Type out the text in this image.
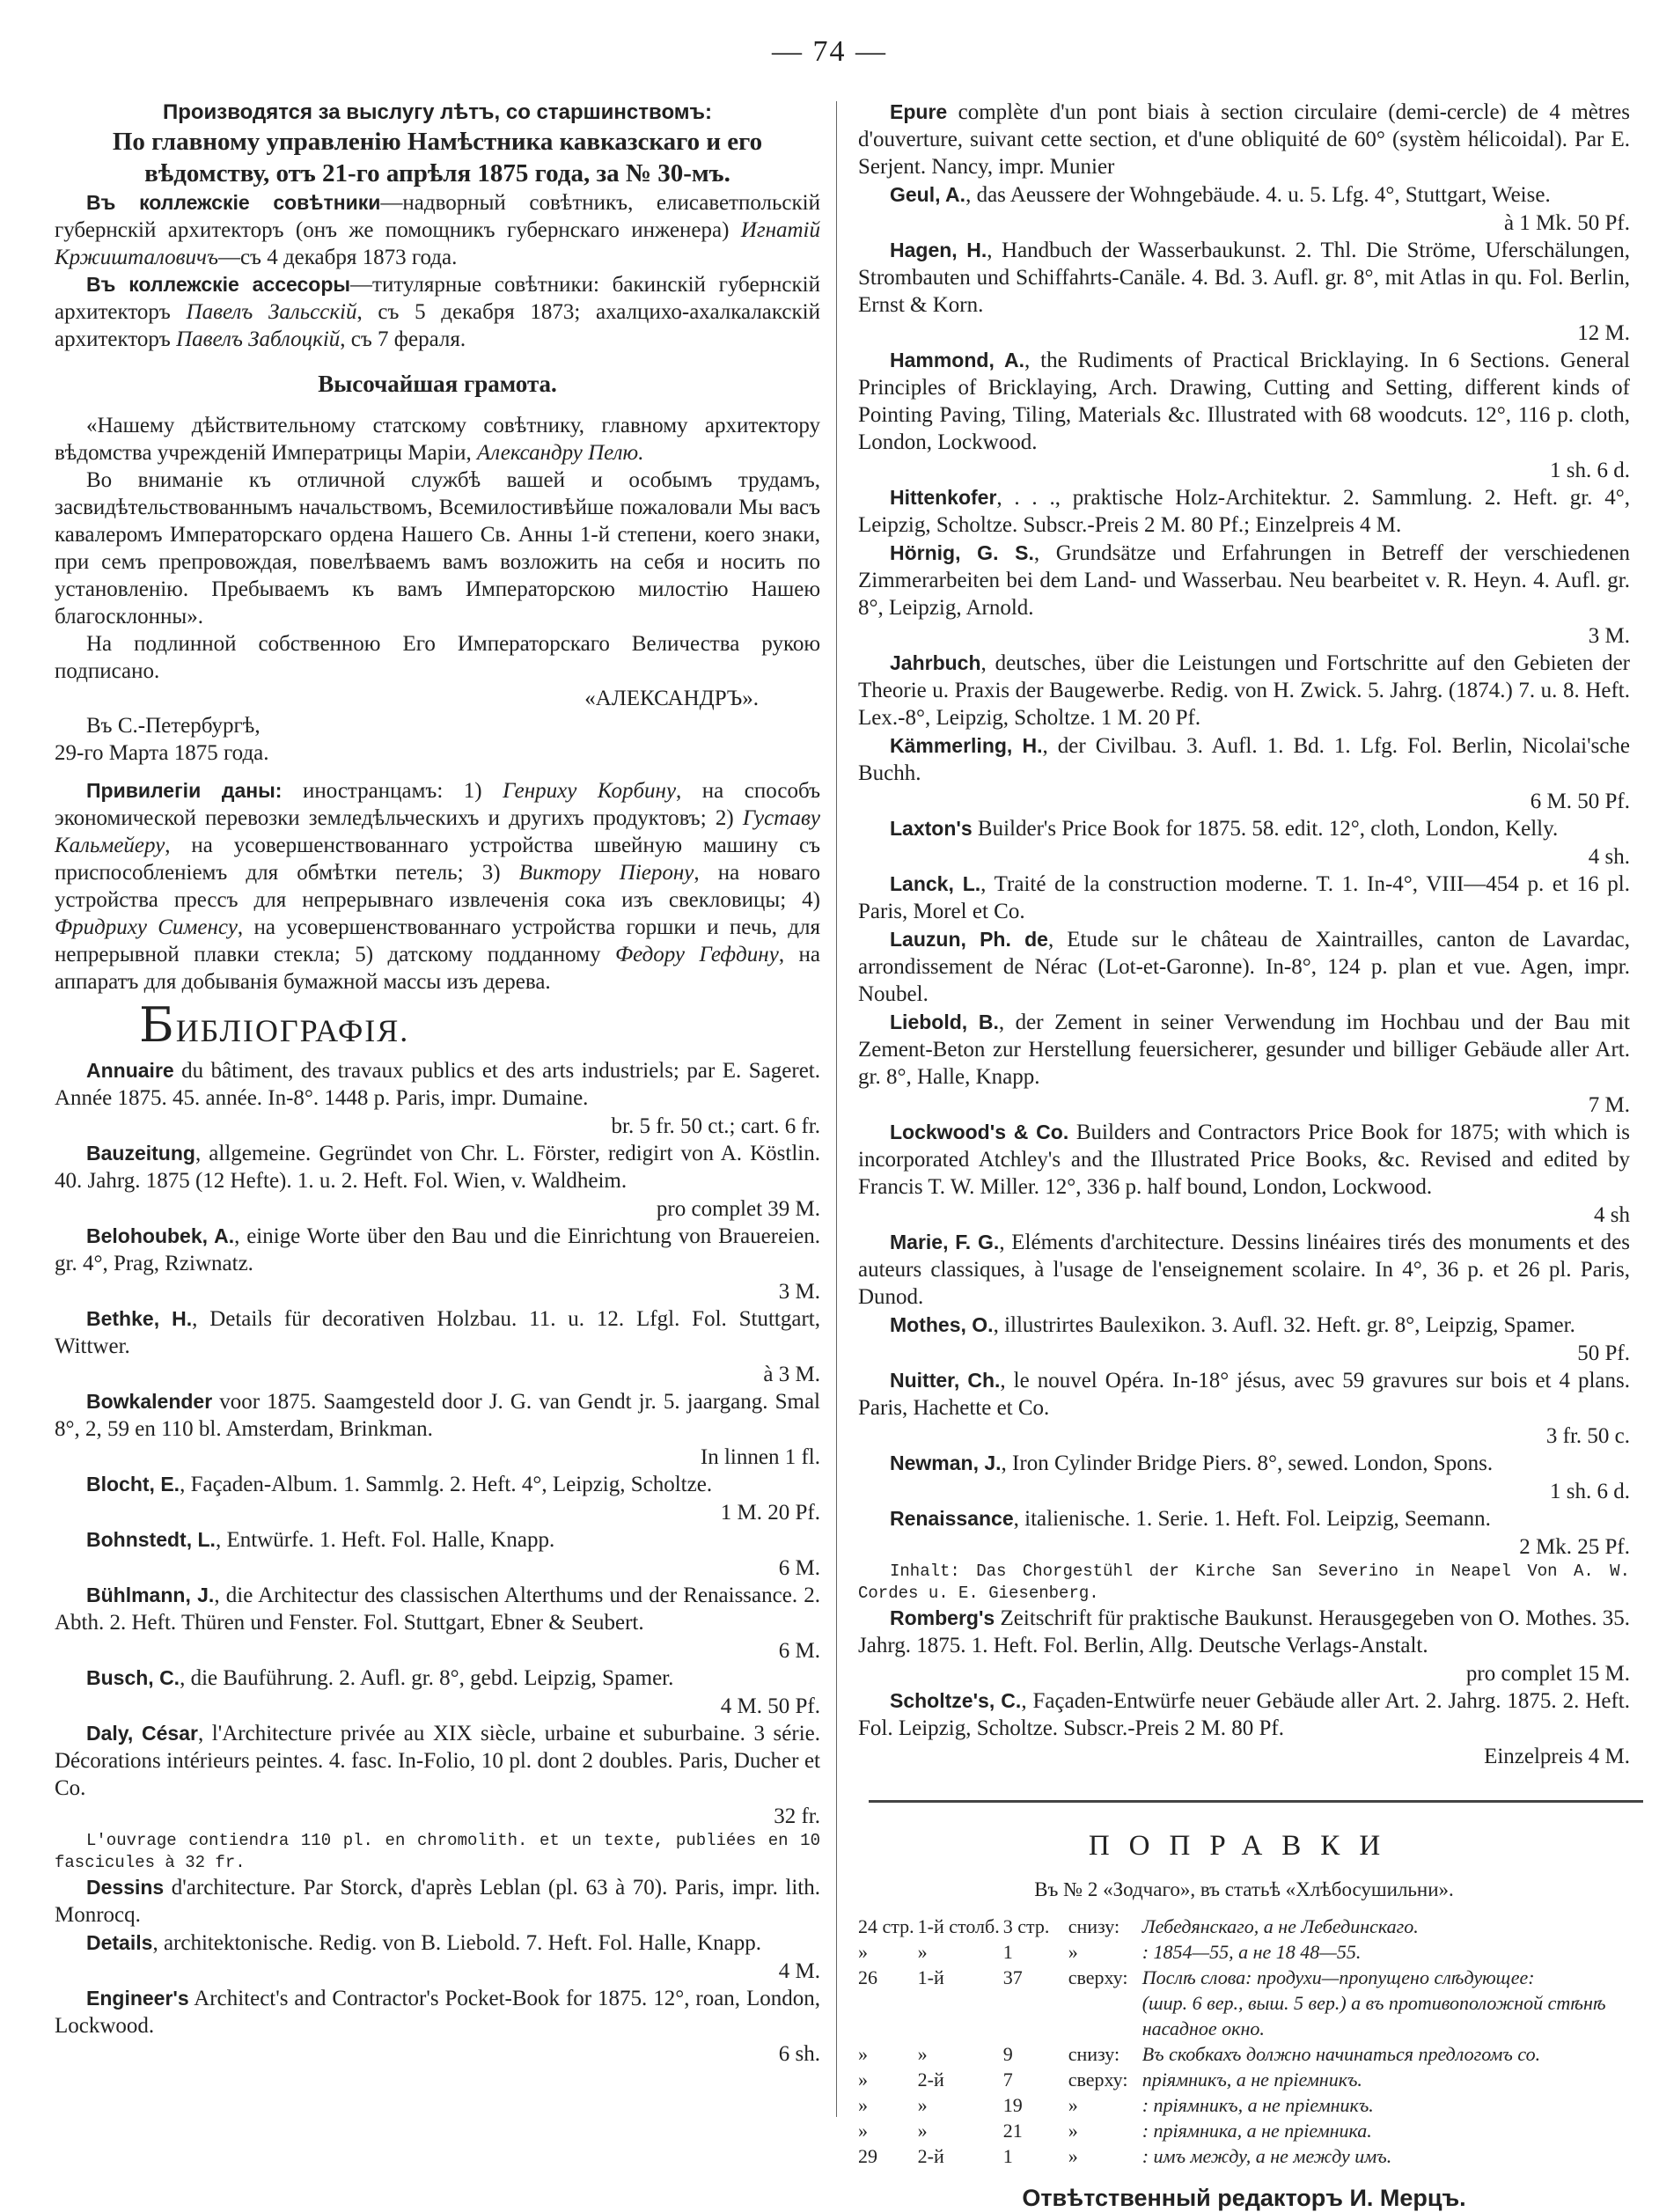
— 74 —

Производятся за выслугу лѣтъ, со старшинствомъ:

По главному управленію Намѣстника кавказскаго и его вѣдомству, отъ 21-го апрѣля 1875 года, за № 30-мъ.

Въ коллежскіе совѣтники—надворный совѣтникъ, елисаветпольскій губернскій архитекторъ (онъ же помощникъ губернскаго инженера) Игнатій Кржишталовичъ—съ 4 декабря 1873 года.

Въ коллежскіе ассесоры—титулярные совѣтники: бакинскій губернскій архитекторъ Павелъ Зальсскій, съ 5 декабря 1873; ахалцихо-ахалкалакскій архитекторъ Павелъ Заблоцкій, съ 7 фераля.

Высочайшая грамота.

«Нашему дѣйствительному статскому совѣтнику, главному архитектору вѣдомства учрежденій Императрицы Маріи, Александру Пелю.

Во вниманіе къ отличной службѣ вашей и особымъ трудамъ, засвидѣтельствованнымъ начальствомъ, Всемилостивѣйше пожаловали Мы васъ кавалеромъ Императорскаго ордена Нашего Св. Анны 1-й степени, коего знаки, при семъ препровождая, повелѣваемъ вамъ возложить на себя и носить по установленію. Пребываемъ къ вамъ Императорскою милостію Нашею благосклонны».

На подлинной собственною Его Императорскаго Величества рукою подписано.

«АЛЕКСАНДРЪ».

Въ С.-Петербургѣ,

29-го Марта 1875 года.

Привилегіи даны: иностранцамъ: 1) Генриху Корбину, на способъ экономической перевозки земледѣльческихъ и другихъ продуктовъ; 2) Густаву Кальмейеру, на усовершенствованнаго устройства швейную машину съ приспособленіемъ для обмѣтки петель; 3) Виктору Піерону, на новаго устройства прессъ для непрерывнаго извлеченія сока изъ свекловицы; 4) Фридриху Сименсу, на усовершенствованнаго устройства горшки и печь, для непрерывной плавки стекла; 5) датскому подданному Федору Гефдину, на аппаратъ для добыванія бумажной массы изъ дерева.

БИБЛІОГРАФІЯ.

Annuaire du bâtiment, des travaux publics et des arts industriels; par E. Sageret. Année 1875. 45. année. In-8°. 1448 p. Paris, impr. Dumaine.

br. 5 fr. 50 ct.; cart. 6 fr.

Bauzeitung, allgemeine. Gegründet von Chr. L. Förster, redigirt von A. Köstlin. 40. Jahrg. 1875 (12 Hefte). 1. u. 2. Heft. Fol. Wien, v. Waldheim.

pro complet 39 M.

Belohoubek, A., einige Worte über den Bau und die Einrichtung von Brauereien. gr. 4°, Prag, Rziwnatz.

3 M.

Bethke, H., Details für decorativen Holzbau. 11. u. 12. Lfgl. Fol. Stuttgart, Wittwer.

à 3 M.

Bowkalender voor 1875. Saamgesteld door J. G. van Gendt jr. 5. jaargang. Smal 8°, 2, 59 en 110 bl. Amsterdam, Brinkman.

In linnen 1 fl.

Blocht, E., Façaden-Album. 1. Sammlg. 2. Heft. 4°, Leipzig, Scholtze.

1 M. 20 Pf.

Bohnstedt, L., Entwürfe. 1. Heft. Fol. Halle, Knapp.

6 M.

Bühlmann, J., die Architectur des classischen Alterthums und der Renaissance. 2. Abth. 2. Heft. Thüren und Fenster. Fol. Stuttgart, Ebner & Seubert.

6 M.

Busch, C., die Bauführung. 2. Aufl. gr. 8°, gebd. Leipzig, Spamer.

4 M. 50 Pf.

Daly, César, l'Architecture privée au XIX siècle, urbaine et suburbaine. 3 série. Décorations intérieurs peintes. 4. fasc. In-Folio, 10 pl. dont 2 doubles. Paris, Ducher et Co.

32 fr.

L'ouvrage contiendra 110 pl. en chromolith. et un texte, publiées en 10 fascicules à 32 fr.

Dessins d'architecture. Par Storck, d'après Leblan (pl. 63 à 70). Paris, impr. lith. Monrocq.

Details, architektonische. Redig. von B. Liebold. 7. Heft. Fol. Halle, Knapp.

4 M.

Engineer's Architect's and Contractor's Pocket-Book for 1875. 12°, roan, London, Lockwood.

6 sh.

Epure complète d'un pont biais à section circulaire (demi-cercle) de 4 mètres d'ouverture, suivant cette section, et d'une obliquité de 60° (systèm hélicoidal). Par E. Serjent. Nancy, impr. Munier

Geul, A., das Aeussere der Wohngebäude. 4. u. 5. Lfg. 4°, Stuttgart, Weise.

à 1 Mk. 50 Pf.

Hagen, H., Handbuch der Wasserbaukunst. 2. Thl. Die Ströme, Uferschälungen, Strombauten und Schiffahrts-Canäle. 4. Bd. 3. Aufl. gr. 8°, mit Atlas in qu. Fol. Berlin, Ernst & Korn.

12 M.

Hammond, A., the Rudiments of Practical Bricklaying. In 6 Sections. General Principles of Bricklaying, Arch. Drawing, Cutting and Setting, different kinds of Pointing Paving, Tiling, Materials &c. Illustrated with 68 woodcuts. 12°, 116 p. cloth, London, Lockwood.

1 sh. 6 d.

Hittenkofer, . . ., praktische Holz-Architektur. 2. Sammlung. 2. Heft. gr. 4°, Leipzig, Scholtze. Subscr.-Preis 2 M. 80 Pf.; Einzelpreis 4 M.

Hörnig, G. S., Grundsätze und Erfahrungen in Betreff der verschiedenen Zimmerarbeiten bei dem Land- und Wasserbau. Neu bearbeitet v. R. Heyn. 4. Aufl. gr. 8°, Leipzig, Arnold.

3 M.

Jahrbuch, deutsches, über die Leistungen und Fortschritte auf den Gebieten der Theorie u. Praxis der Baugewerbe. Redig. von H. Zwick. 5. Jahrg. (1874.) 7. u. 8. Heft. Lex.-8°, Leipzig, Scholtze. 1 M. 20 Pf.

Kämmerling, H., der Civilbau. 3. Aufl. 1. Bd. 1. Lfg. Fol. Berlin, Nicolai'sche Buchh.

6 M. 50 Pf.

Laxton's Builder's Price Book for 1875. 58. edit. 12°, cloth, London, Kelly.

4 sh.

Lanck, L., Traité de la construction moderne. T. 1. In-4°, VIII—454 p. et 16 pl. Paris, Morel et Co.

Lauzun, Ph. de, Etude sur le château de Xaintrailles, canton de Lavardac, arrondissement de Nérac (Lot-et-Garonne). In-8°, 124 p. plan et vue. Agen, impr. Noubel.

Liebold, B., der Zement in seiner Verwendung im Hochbau und der Bau mit Zement-Beton zur Herstellung feuersicherer, gesunder und billiger Gebäude aller Art. gr. 8°, Halle, Knapp.

7 M.

Lockwood's & Co. Builders and Contractors Price Book for 1875; with which is incorporated Atchley's and the Illustrated Price Books, &c. Revised and edited by Francis T. W. Miller. 12°, 336 p. half bound, London, Lockwood.

4 sh

Marie, F. G., Eléments d'architecture. Dessins linéaires tirés des monuments et des auteurs classiques, à l'usage de l'enseignement scolaire. In 4°, 36 p. et 26 pl. Paris, Dunod.

Mothes, O., illustrirtes Baulexikon. 3. Aufl. 32. Heft. gr. 8°, Leipzig, Spamer.

50 Pf.

Nuitter, Ch., le nouvel Opéra. In-18° jésus, avec 59 gravures sur bois et 4 plans. Paris, Hachette et Co.

3 fr. 50 c.

Newman, J., Iron Cylinder Bridge Piers. 8°, sewed. London, Spons.

1 sh. 6 d.

Renaissance, italienische. 1. Serie. 1. Heft. Fol. Leipzig, Seemann.

2 Mk. 25 Pf.

Inhalt: Das Chorgestühl der Kirche San Severino in Neapel Von A. W. Cordes u. E. Giesenberg.

Romberg's Zeitschrift für praktische Baukunst. Herausgegeben von O. Mothes. 35. Jahrg. 1875. 1. Heft. Fol. Berlin, Allg. Deutsche Verlags-Anstalt.

pro complet 15 M.

Scholtze's, C., Façaden-Entwürfe neuer Gebäude aller Art. 2. Jahrg. 1875. 2. Heft. Fol. Leipzig, Scholtze. Subscr.-Preis 2 M. 80 Pf.

Einzelpreis 4 M.

ПОПРАВКИ

Въ № 2 «Зодчаго», въ статьѣ «Хлѣбосушильни».

24 стр.	1-й столб.	3 стр.	снизу:	Лебедянскаго, а не Лебединскаго.
»	»	1	»	: 1854—55, а не 18 48—55.
26	1-й	37	сверху:	Послѣ слова: продухи—пропущено слѣдующее:
				(шир. 6 вер., выш. 5 вер.) а въ противоположной стѣнѣ насадное окно.
»	»	9	снизу:	Въ скобкахъ должно начинаться предлогомъ со.
»	2-й	7	сверху:	пріямникъ, а не пріемникъ.
»	»	19	»	: пріямникъ, а не пріемникъ.
»	»	21	»	: пріямника, а не пріемника.
29	2-й	1	»	: имъ между, а не между имъ.

Отвѣтственный редакторъ И. Мерцъ.
